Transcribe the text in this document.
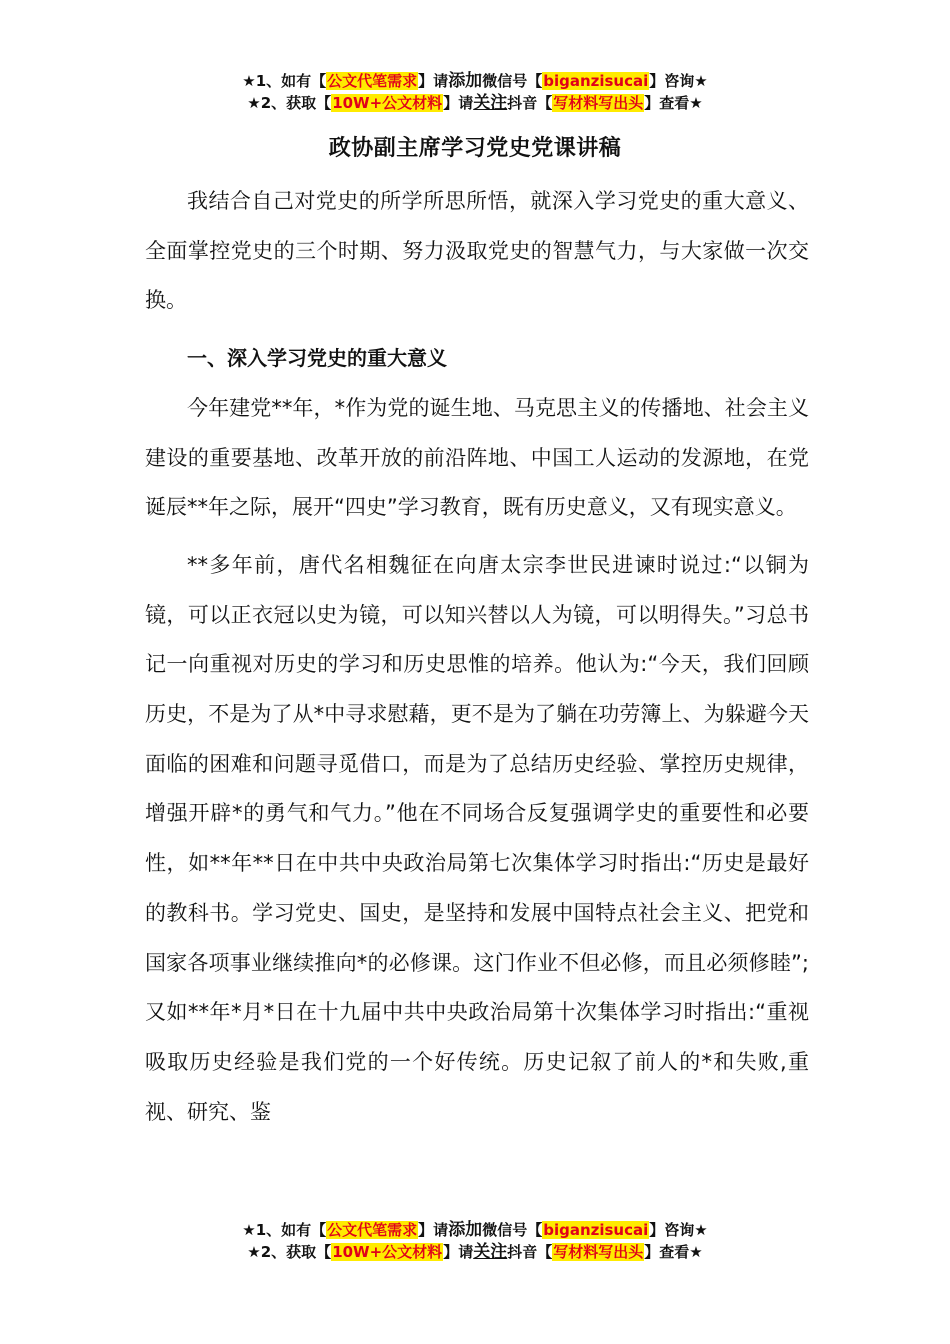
★1、如有【公文代笔需求】请添加微信号【biganzisucai】咨询★
★2、获取【10W+公文材料】请关注抖音【写材料写出头】查看★
政协副主席学习党史党课讲稿

我结合自己对党史的所学所思所悟，就深入学习党史的重大意义、全面掌控党史的三个时期、努力汲取党史的智慧气力，与大家做一次交换。

一、深入学习党史的重大意义

今年建党**年，*作为党的诞生地、马克思主义的传播地、社会主义建设的重要基地、改革开放的前沿阵地、中国工人运动的发源地，在党诞辰**年之际，展开“四史”学习教育，既有历史意义，又有现实意义。

**多年前，唐代名相魏征在向唐太宗李世民进谏时说过:“以铜为镜，可以正衣冠以史为镜，可以知兴替以人为镜，可以明得失。”习总书记一向重视对历史的学习和历史思惟的培养。他认为:“今天，我们回顾历史，不是为了从*中寻求慰藉，更不是为了躺在功劳簿上、为躲避今天面临的困难和问题寻觅借口，而是为了总结历史经验、掌控历史规律，增强开辟*的勇气和气力。”他在不同场合反复强调学史的重要性和必要性，如**年**日在中共中央政治局第七次集体学习时指出:“历史是最好的教科书。学习党史、国史，是坚持和发展中国特点社会主义、把党和国家各项事业继续推向*的必修课。这门作业不但必修，而且必须修睦”;又如**年*月*日在十九届中共中央政治局第十次集体学习时指出:“重视吸取历史经验是我们党的一个好传统。历史记叙了前人的*和失败,重视、研究、鉴

★1、如有【公文代笔需求】请添加微信号【biganzisucai】咨询★
★2、获取【10W+公文材料】请关注抖音【写材料写出头】查看★
